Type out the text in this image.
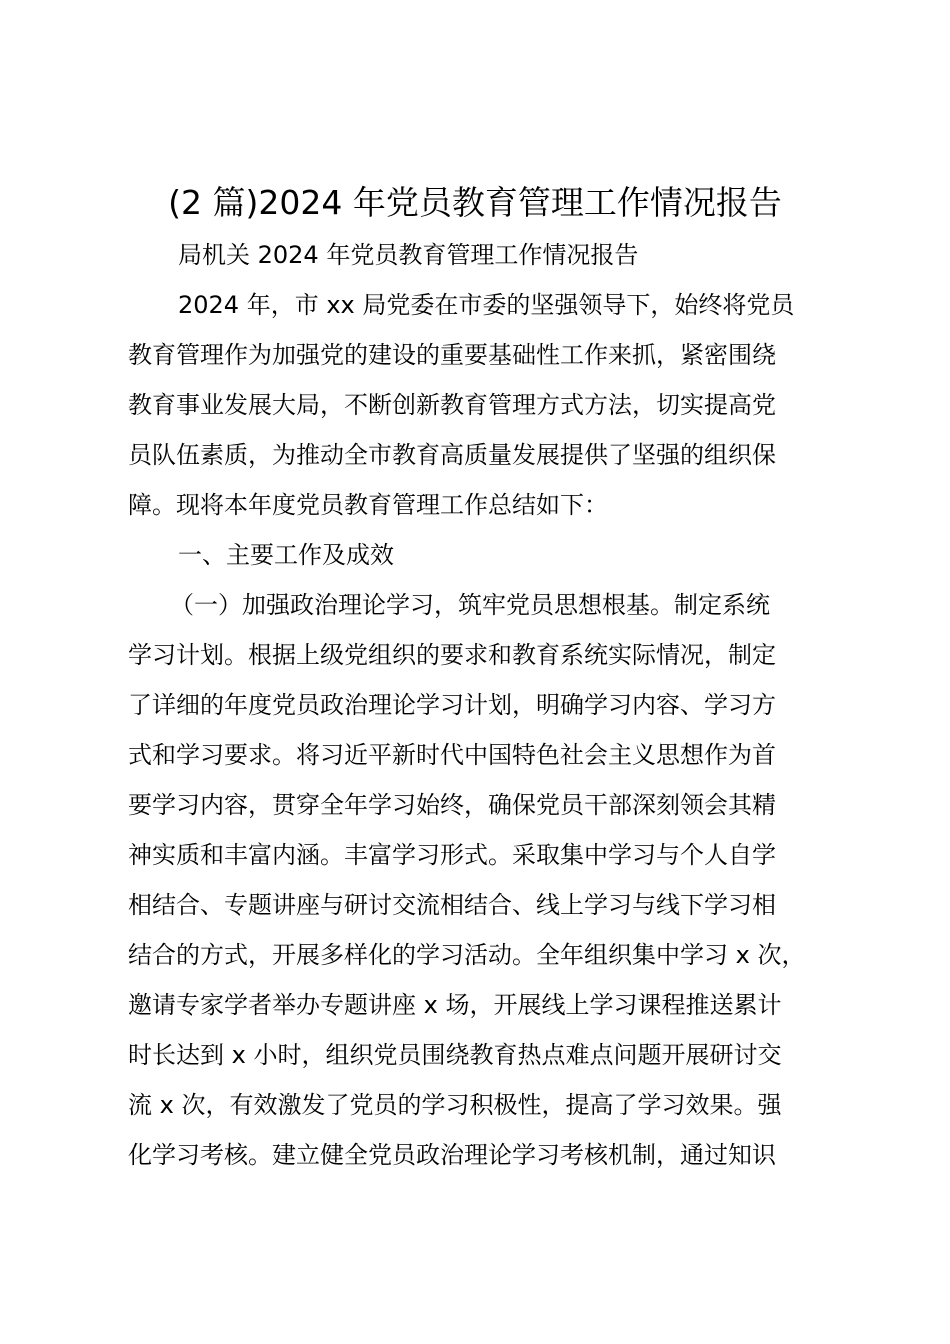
(2 篇)2024 年党员教育管理工作情况报告
局机关 2024 年党员教育管理工作情况报告
2024 年，市 xx 局党委在市委的坚强领导下，始终将党员
教育管理作为加强党的建设的重要基础性工作来抓，紧密围绕
教育事业发展大局，不断创新教育管理方式方法，切实提高党
员队伍素质，为推动全市教育高质量发展提供了坚强的组织保
障。现将本年度党员教育管理工作总结如下：
一、主要工作及成效
（一）加强政治理论学习，筑牢党员思想根基。制定系统
学习计划。根据上级党组织的要求和教育系统实际情况，制定
了详细的年度党员政治理论学习计划，明确学习内容、学习方
式和学习要求。将习近平新时代中国特色社会主义思想作为首
要学习内容，贯穿全年学习始终，确保党员干部深刻领会其精
神实质和丰富内涵。丰富学习形式。采取集中学习与个人自学
相结合、专题讲座与研讨交流相结合、线上学习与线下学习相
结合的方式，开展多样化的学习活动。全年组织集中学习 x 次，
邀请专家学者举办专题讲座 x 场，开展线上学习课程推送累计
时长达到 x 小时，组织党员围绕教育热点难点问题开展研讨交
流 x 次，有效激发了党员的学习积极性，提高了学习效果。强
化学习考核。建立健全党员政治理论学习考核机制，通过知识
